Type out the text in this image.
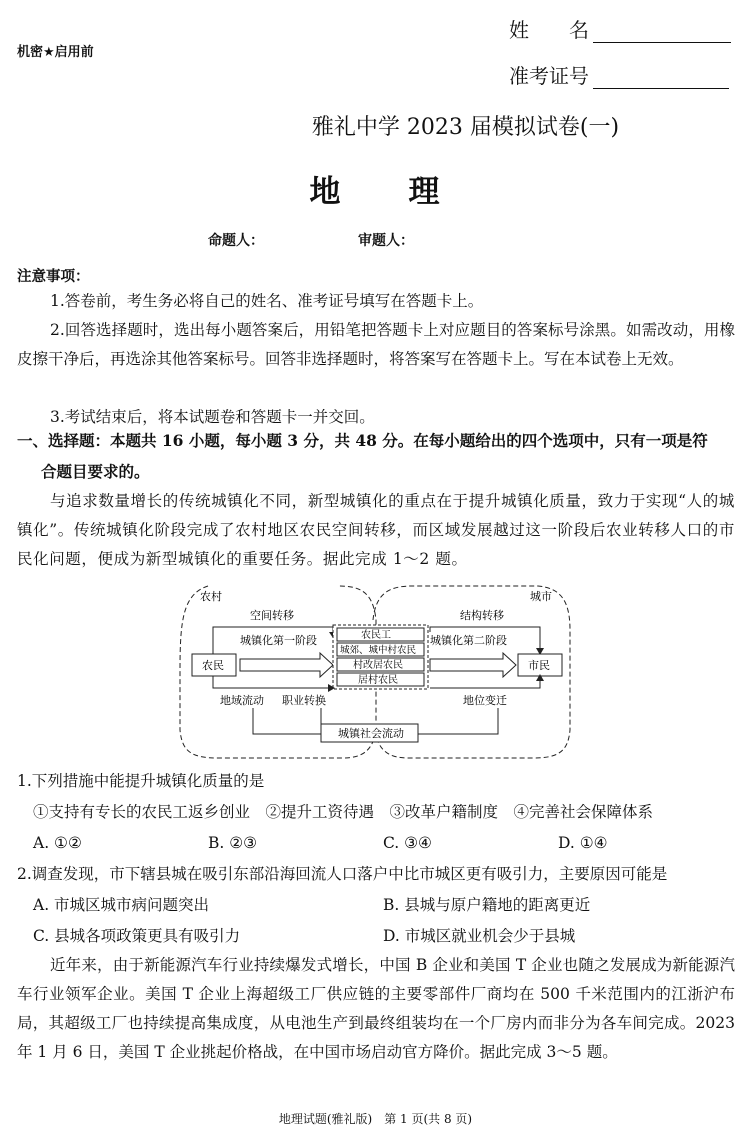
机密★启用前
姓　　名
准考证号
雅礼中学 2023 届模拟试卷(一)
地　　理
命题人：	审题人：
注意事项：
1.答卷前，考生务必将自己的姓名、准考证号填写在答题卡上。
2.回答选择题时，选出每小题答案后，用铅笔把答题卡上对应题目的答案标号涂黑。如需改动，用橡皮擦干净后，再选涂其他答案标号。回答非选择题时，将答案写在答题卡上。写在本试卷上无效。
3.考试结束后，将本试题卷和答题卡一并交回。
一、选择题：本题共 16 小题，每小题 3 分，共 48 分。在每小题给出的四个选项中，只有一项是符
合题目要求的。
与追求数量增长的传统城镇化不同，新型城镇化的重点在于提升城镇化质量，致力于实现“人的城镇化”。传统城镇化阶段完成了农村地区农民空间转移，而区域发展越过这一阶段后农业转移人口的市民化问题，便成为新型城镇化的重要任务。据此完成 1～2 题。
农村	城市
空间转移	结构转移
农民
城镇化第一阶段	农民工
城郊、城中村农民
村改居农民
居村农民
城镇化第二阶段
市民
地域流动 职业转换	地位变迁
城镇社会流动
1.下列措施中能提升城镇化质量的是
①支持有专长的农民工返乡创业　②提升工资待遇　③改革户籍制度　④完善社会保障体系
A. ①②	B. ②③	C. ③④	D. ①④
2.调查发现，市下辖县城在吸引东部沿海回流人口落户中比市城区更有吸引力，主要原因可能是
A. 市城区城市病问题突出	B. 县城与原户籍地的距离更近
C. 县城各项政策更具有吸引力	D. 市城区就业机会少于县城
近年来，由于新能源汽车行业持续爆发式增长，中国 B 企业和美国 T 企业也随之发展成为新能源汽车行业领军企业。美国 T 企业上海超级工厂供应链的主要零部件厂商均在 500 千米范围内的江浙沪布局，其超级工厂也持续提高集成度，从电池生产到最终组装均在一个厂房内而非分为各车间完成。2023 年 1 月 6 日，美国 T 企业挑起价格战，在中国市场启动官方降价。据此完成 3～5 题。
地理试题(雅礼版)　第 1 页(共 8 页)
